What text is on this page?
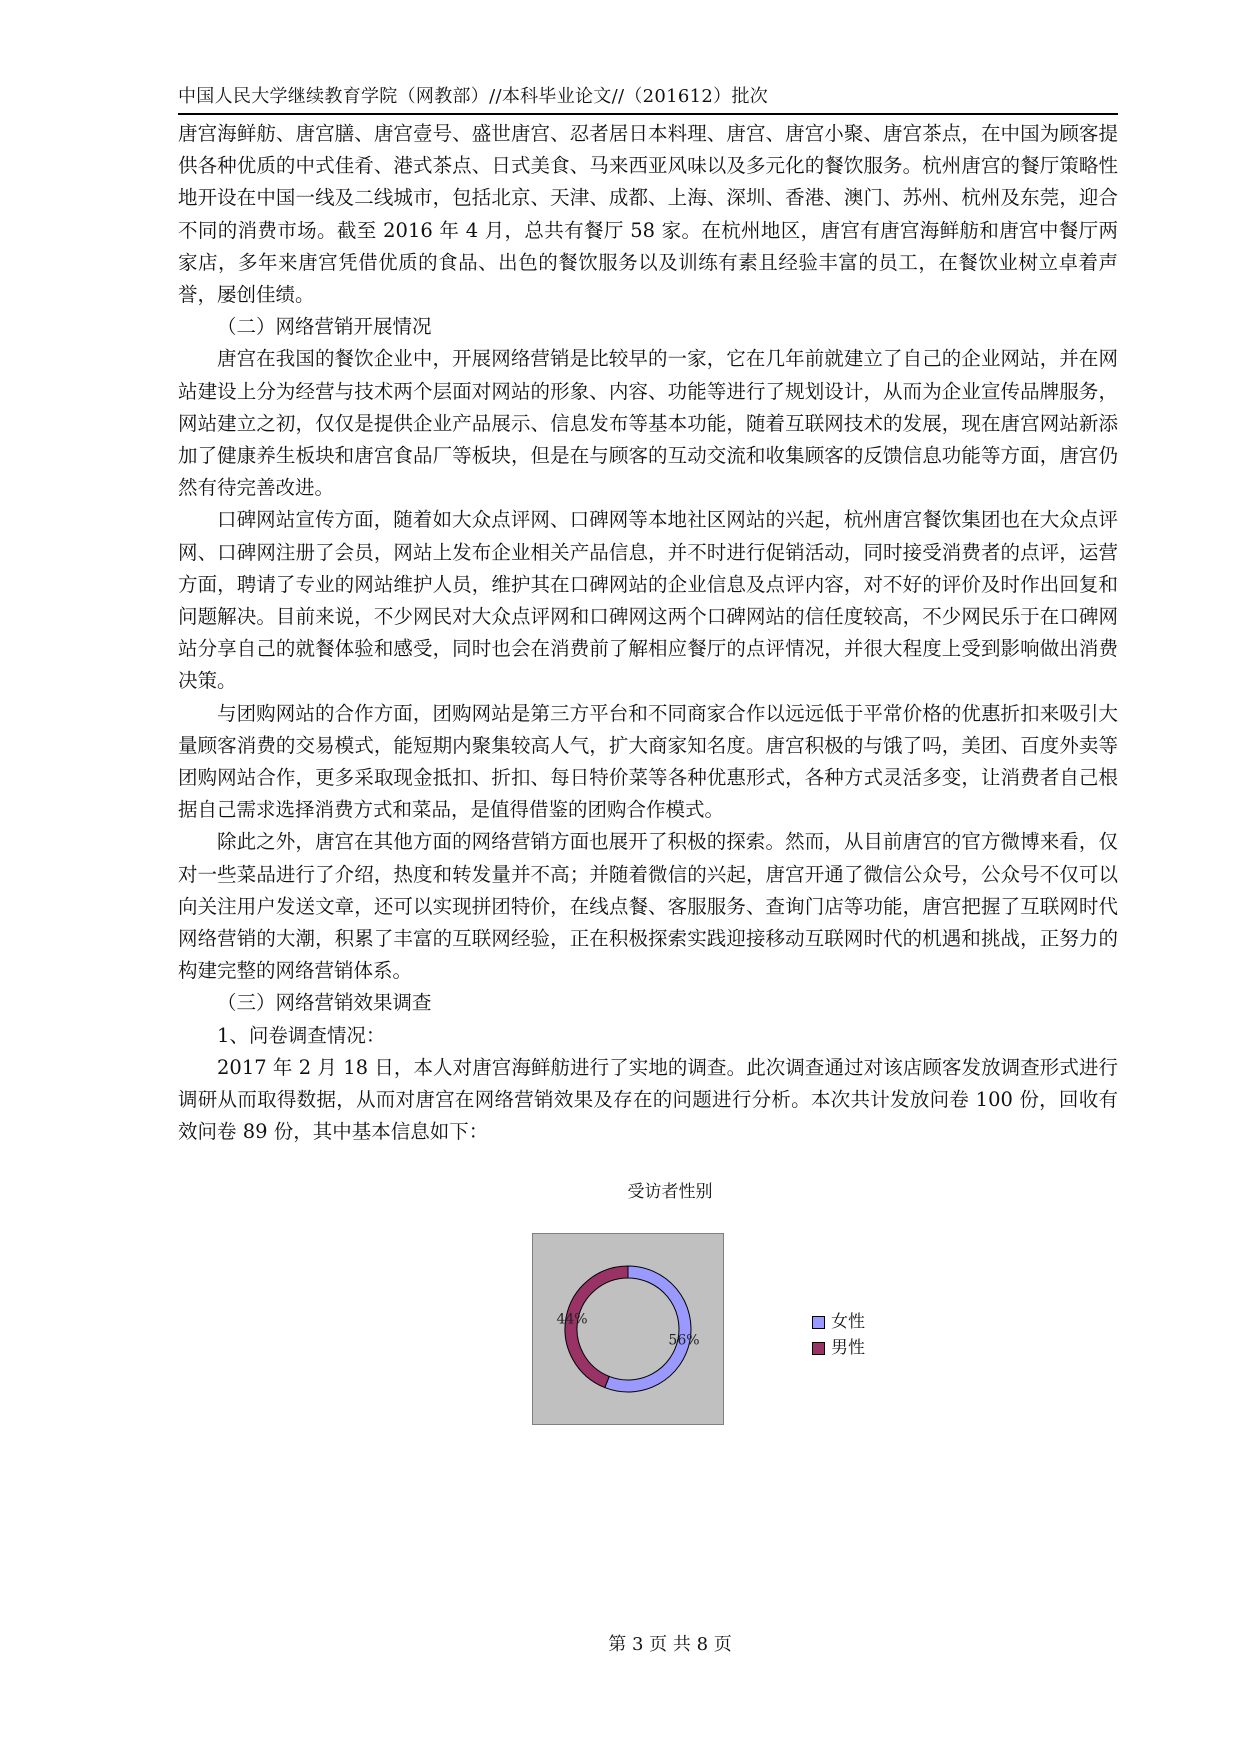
中国人民大学继续教育学院（网教部）//本科毕业论文//（201612）批次

唐宫海鲜舫、唐宫膳、唐宫壹号、盛世唐宫、忍者居日本料理、唐宫、唐宫小聚、唐宫茶点，在中国为顾客提供各种优质的中式佳肴、港式茶点、日式美食、马来西亚风味以及多元化的餐饮服务。杭州唐宫的餐厅策略性地开设在中国一线及二线城市，包括北京、天津、成都、上海、深圳、香港、澳门、苏州、杭州及东莞，迎合不同的消费市场。截至 2016 年 4 月，总共有餐厅 58 家。在杭州地区，唐宫有唐宫海鲜舫和唐宫中餐厅两家店，多年来唐宫凭借优质的食品、出色的餐饮服务以及训练有素且经验丰富的员工，在餐饮业树立卓着声誉，屡创佳绩。

（二）网络营销开展情况

唐宫在我国的餐饮企业中，开展网络营销是比较早的一家，它在几年前就建立了自己的企业网站，并在网站建设上分为经营与技术两个层面对网站的形象、内容、功能等进行了规划设计，从而为企业宣传品牌服务，网站建立之初，仅仅是提供企业产品展示、信息发布等基本功能，随着互联网技术的发展，现在唐宫网站新添加了健康养生板块和唐宫食品厂等板块，但是在与顾客的互动交流和收集顾客的反馈信息功能等方面，唐宫仍然有待完善改进。

口碑网站宣传方面，随着如大众点评网、口碑网等本地社区网站的兴起，杭州唐宫餐饮集团也在大众点评网、口碑网注册了会员，网站上发布企业相关产品信息，并不时进行促销活动，同时接受消费者的点评，运营方面，聘请了专业的网站维护人员，维护其在口碑网站的企业信息及点评内容，对不好的评价及时作出回复和问题解决。目前来说，不少网民对大众点评网和口碑网这两个口碑网站的信任度较高，不少网民乐于在口碑网站分享自己的就餐体验和感受，同时也会在消费前了解相应餐厅的点评情况，并很大程度上受到影响做出消费决策。

与团购网站的合作方面，团购网站是第三方平台和不同商家合作以远远低于平常价格的优惠折扣来吸引大量顾客消费的交易模式，能短期内聚集较高人气，扩大商家知名度。唐宫积极的与饿了吗，美团、百度外卖等团购网站合作，更多采取现金抵扣、折扣、每日特价菜等各种优惠形式，各种方式灵活多变，让消费者自己根据自己需求选择消费方式和菜品，是值得借鉴的团购合作模式。

除此之外，唐宫在其他方面的网络营销方面也展开了积极的探索。然而，从目前唐宫的官方微博来看，仅对一些菜品进行了介绍，热度和转发量并不高；并随着微信的兴起，唐宫开通了微信公众号，公众号不仅可以向关注用户发送文章，还可以实现拼团特价，在线点餐、客服服务、查询门店等功能，唐宫把握了互联网时代网络营销的大潮，积累了丰富的互联网经验，正在积极探索实践迎接移动互联网时代的机遇和挑战，正努力的构建完整的网络营销体系。

（三）网络营销效果调查

1、问卷调查情况：

2017 年 2 月 18 日，本人对唐宫海鲜舫进行了实地的调查。此次调查通过对该店顾客发放调查形式进行调研从而取得数据，从而对唐宫在网络营销效果及存在的问题进行分析。本次共计发放问卷 100 份，回收有效问卷 89 份，其中基本信息如下：

受访者性别
56%
44%	女性
男性
第 3 页 共 8 页
